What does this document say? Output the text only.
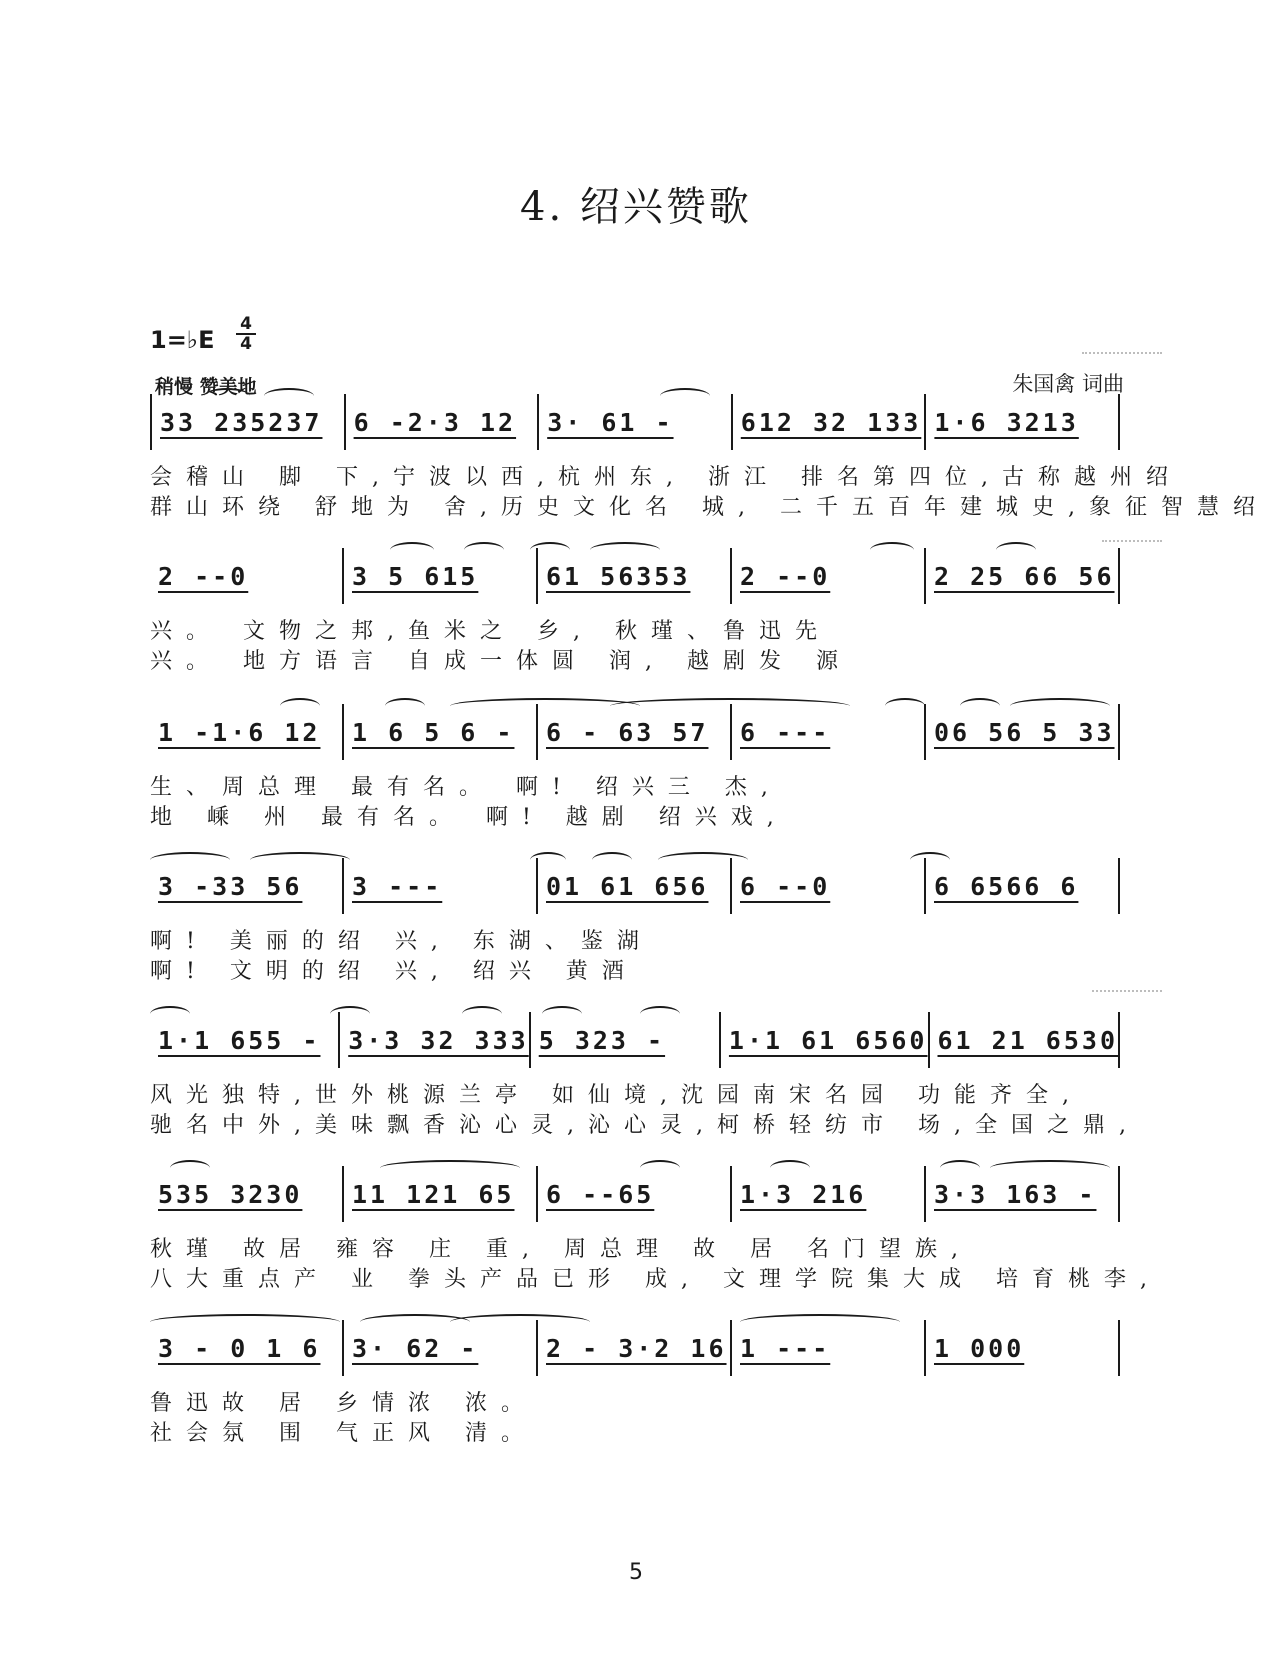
4. 绍兴赞歌
1=♭E
4
4
稍慢 赞美地	朱国禽 词曲
33 235237	6 -2·3 12	3· 61 -	612 32 133 1·6 3213
会稽山 脚 下,宁波以西,杭州东, 浙江 排名第四位,古称越州绍
群山环绕 舒地为 舍,历史文化名 城, 二千五百年建城史,象征智慧绍
2 --0	3 5 615	61 56353	2 --0	2 25 66 56
兴。 文物之邦,鱼米之 乡, 秋瑾、鲁迅先
兴。 地方语言 自成一体圆 润, 越剧发 源
1 -1·6 12	1 6 5 6 -	6 - 63 57	6 ---	06 56 5 33
生、周总理 最有名。 啊! 绍兴三 杰,
地 嵊 州 最有名。 啊! 越剧 绍兴戏,
3 -33 56	3 ---	01 61 656	6 --0	6 6566 6
啊! 美丽的绍 兴, 东湖、鉴湖
啊! 文明的绍 兴, 绍兴 黄酒
1·1 655 -	3·3 32 333 5 323 -	1·1 61 6560 61 21 6530
风光独特,世外桃源兰亭 如仙境,沈园南宋名园 功能齐全,
驰名中外,美味飘香沁心灵,沁心灵,柯桥轻纺市 场,全国之鼎,
535 3230	11 121 65	6 --65	1·3 216	3·3 163 -
秋瑾 故居 雍容 庄 重, 周总理 故 居 名门望族,
八大重点产 业 拳头产品已形 成, 文理学院集大成 培育桃李,
3 - 0 1 6	3· 62 -	2 - 3·2 16 1 ---	1 000
鲁迅故 居 乡情浓 浓。
社会氛 围 气正风 清。
5
